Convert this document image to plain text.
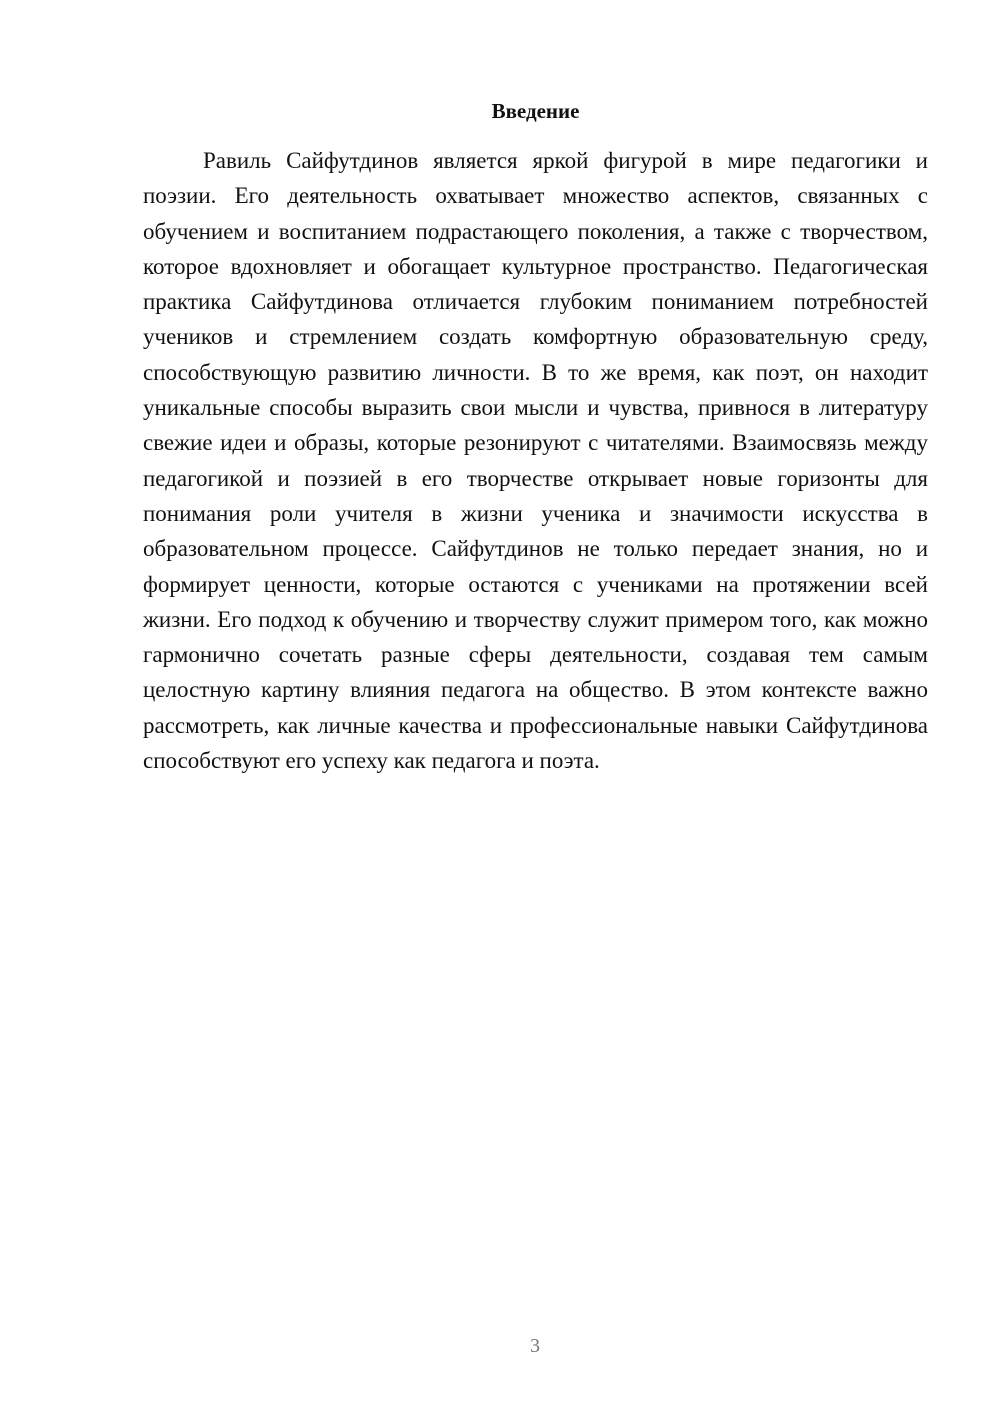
Введение

Равиль Сайфутдинов является яркой фигурой в мире педагогики и поэзии. Его деятельность охватывает множество аспектов, связанных с обучением и воспитанием подрастающего поколения, а также с творчеством, которое вдохновляет и обогащает культурное пространство. Педагогическая практика Сайфутдинова отличается глубоким пониманием потребностей учеников и стремлением создать комфортную образовательную среду, способствующую развитию личности. В то же время, как поэт, он находит уникальные способы выразить свои мысли и чувства, привнося в литературу свежие идеи и образы, которые резонируют с читателями. Взаимосвязь между педагогикой и поэзией в его творчестве открывает новые горизонты для понимания роли учителя в жизни ученика и значимости искусства в образовательном процессе. Сайфутдинов не только передает знания, но и формирует ценности, которые остаются с учениками на протяжении всей жизни. Его подход к обучению и творчеству служит примером того, как можно гармонично сочетать разные сферы деятельности, создавая тем самым целостную картину влияния педагога на общество. В этом контексте важно рассмотреть, как личные качества и профессиональные навыки Сайфутдинова способствуют его успеху как педагога и поэта.

3
